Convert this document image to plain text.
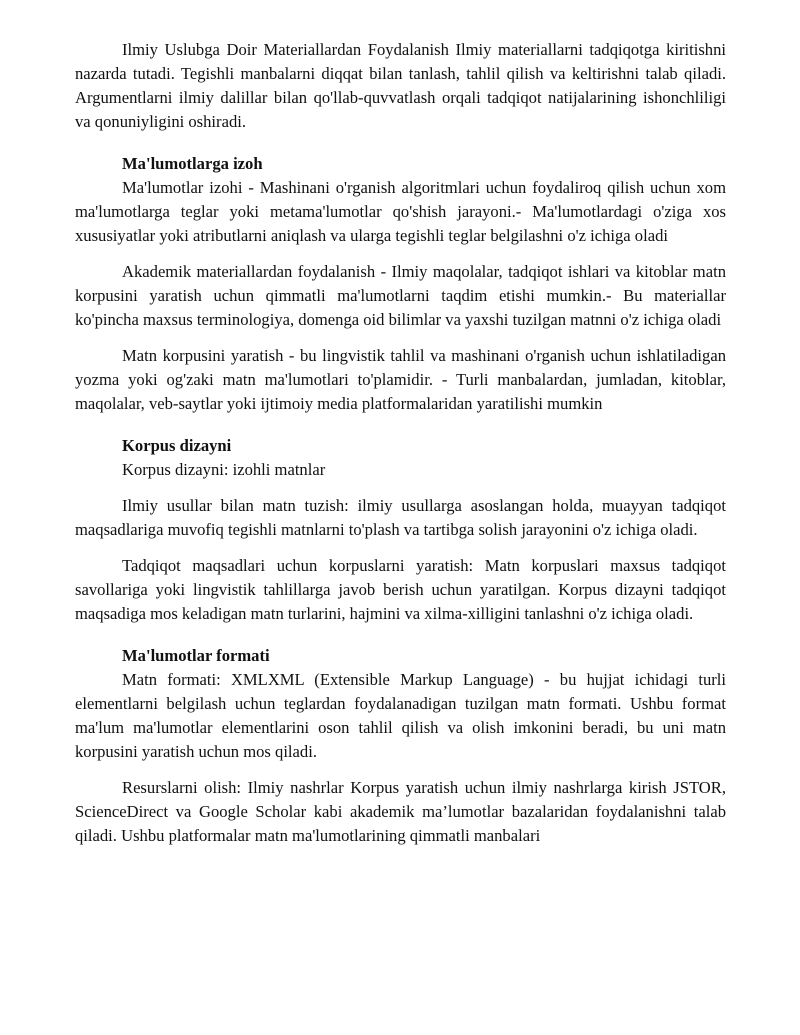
Ilmiy Uslubga Doir Materiallardan Foydalanish Ilmiy materiallarni tadqiqotga kiritishni nazarda tutadi. Tegishli manbalarni diqqat bilan tanlash, tahlil qilish va keltirishni talab qiladi. Argumentlarni ilmiy dalillar bilan qo'llab-quvvatlash orqali tadqiqot natijalarining ishonchliligi va qonuniyligini oshiradi.

Ma'lumotlarga izoh

Ma'lumotlar izohi - Mashinani o'rganish algoritmlari uchun foydaliroq qilish uchun xom ma'lumotlarga teglar yoki metama'lumotlar qo'shish jarayoni.- Ma'lumotlardagi o'ziga xos xususiyatlar yoki atributlarni aniqlash va ularga tegishli teglar belgilashni o'z ichiga oladi

Akademik materiallardan foydalanish - Ilmiy maqolalar, tadqiqot ishlari va kitoblar matn korpusini yaratish uchun qimmatli ma'lumotlarni taqdim etishi mumkin.- Bu materiallar ko'pincha maxsus terminologiya, domenga oid bilimlar va yaxshi tuzilgan matnni o'z ichiga oladi

Matn korpusini yaratish - bu lingvistik tahlil va mashinani o'rganish uchun ishlatiladigan yozma yoki og'zaki matn ma'lumotlari to'plamidir. - Turli manbalardan, jumladan, kitoblar, maqolalar, veb-saytlar yoki ijtimoiy media platformalaridan yaratilishi mumkin

Korpus dizayni

Korpus dizayni: izohli matnlar

Ilmiy usullar bilan matn tuzish: ilmiy usullarga asoslangan holda, muayyan tadqiqot maqsadlariga muvofiq tegishli matnlarni to'plash va tartibga solish jarayonini o'z ichiga oladi.

Tadqiqot maqsadlari uchun korpuslarni yaratish: Matn korpuslari maxsus tadqiqot savollariga yoki lingvistik tahlillarga javob berish uchun yaratilgan. Korpus dizayni tadqiqot maqsadiga mos keladigan matn turlarini, hajmini va xilma-xilligini tanlashni o'z ichiga oladi.

Ma'lumotlar formati

Matn formati: XMLXML (Extensible Markup Language) - bu hujjat ichidagi turli elementlarni belgilash uchun teglardan foydalanadigan tuzilgan matn formati. Ushbu format ma'lum ma'lumotlar elementlarini oson tahlil qilish va olish imkonini beradi, bu uni matn korpusini yaratish uchun mos qiladi.

Resurslarni olish: Ilmiy nashrlar Korpus yaratish uchun ilmiy nashrlarga kirish JSTOR, ScienceDirect va Google Scholar kabi akademik ma’lumotlar bazalaridan foydalanishni talab qiladi. Ushbu platformalar matn ma'lumotlarining qimmatli manbalari
